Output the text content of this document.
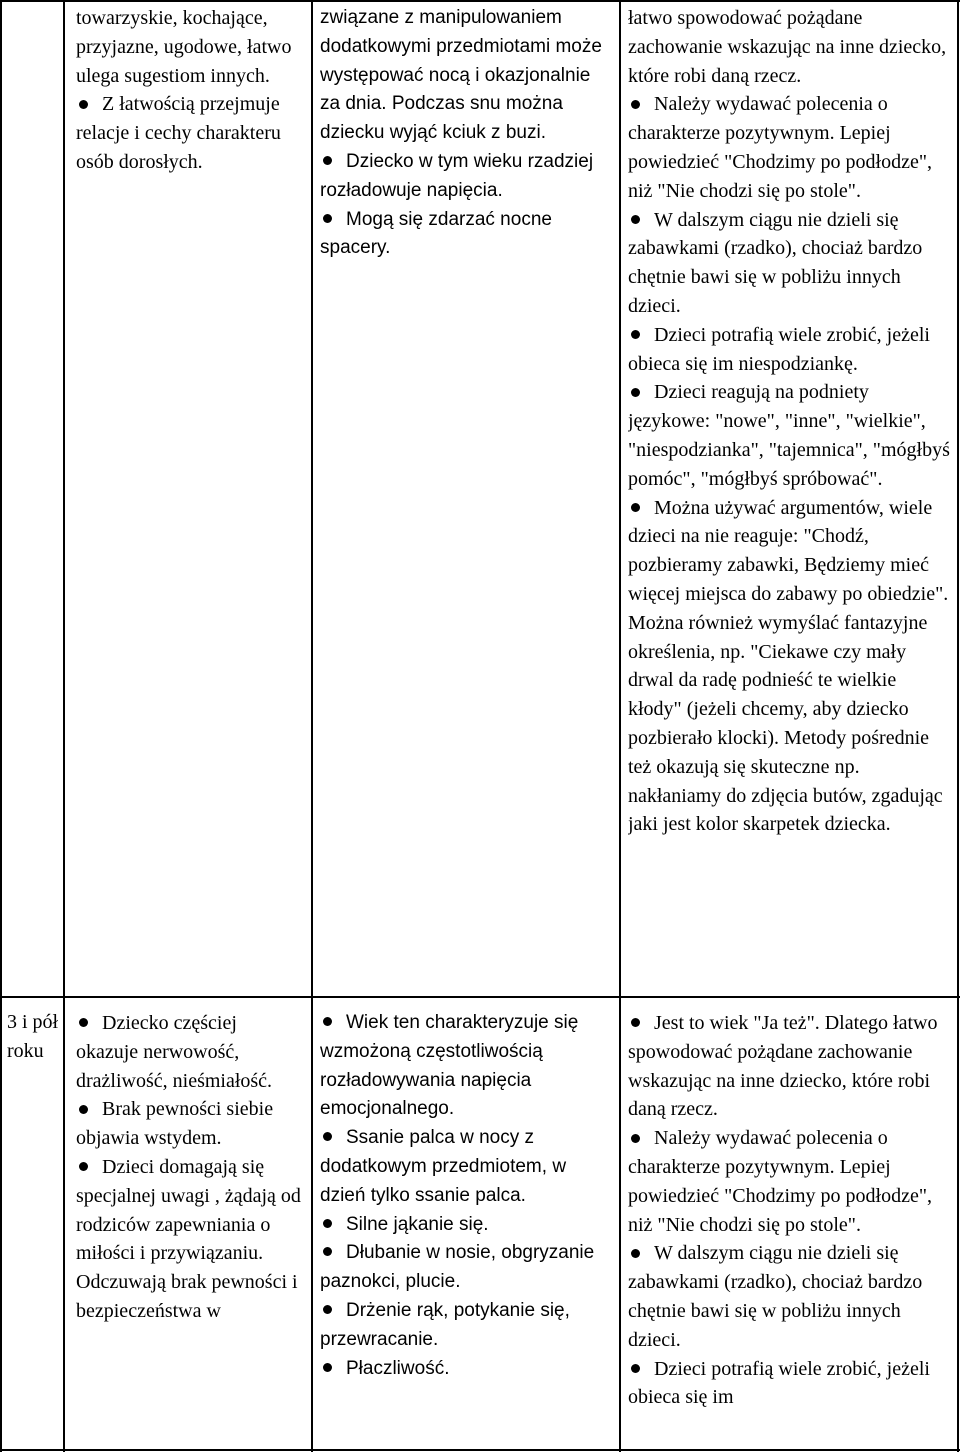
towarzyskie, kochające, przyjazne, ugodowe, łatwo ulega sugestiom innych.
Z łatwością przejmuje relacje i cechy charakteru osób dorosłych.

związane z manipulowaniem dodatkowymi przedmiotami może występować nocą i okazjonalnie za dnia. Podczas snu można dziecku wyjąć kciuk z buzi.

Dziecko w tym wieku rzadziej rozładowuje napięcia.
Mogą się zdarzać nocne spacery.

łatwo spowodować pożądane zachowanie wskazując na inne dziecko, które robi daną rzecz.

Należy wydawać polecenia o charakterze pozytywnym. Lepiej powiedzieć "Chodzimy po podłodze", niż "Nie chodzi się po stole".
W dalszym ciągu nie dzieli się zabawkami (rzadko), chociaż bardzo chętnie bawi się w pobliżu innych dzieci.
Dzieci potrafią wiele zrobić, jeżeli obieca się im niespodziankę.
Dzieci reagują na podniety językowe: "nowe", "inne", "wielkie", "niespodzianka", "tajemnica", "mógłbyś pomóc", "mógłbyś spróbować".
Można używać argumentów, wiele dzieci na nie reaguje: "Chodź, pozbieramy zabawki, Będziemy mieć więcej miejsca do zabawy po obiedzie". Można również wymyślać fantazyjne określenia, np. "Ciekawe czy mały drwal da radę podnieść te wielkie kłody" (jeżeli chcemy, aby dziecko pozbierało klocki). Metody pośrednie też okazują się skuteczne np. nakłaniamy do zdjęcia butów, zgadując jaki jest kolor skarpetek dziecka.
3 i pół roku
Dziecko częściej okazuje nerwowość, drażliwość, nieśmiałość.
Brak pewności siebie objawia wstydem.
Dzieci domagają się specjalnej uwagi , żądają od rodziców zapewniania o miłości i przywiązaniu. Odczuwają brak pewności i bezpieczeństwa w
Wiek ten charakteryzuje się wzmożoną częstotliwością rozładowywania napięcia emocjonalnego.
Ssanie palca w nocy z dodatkowym przedmiotem, w dzień tylko ssanie palca.
Silne jąkanie się.
Dłubanie w nosie, obgryzanie paznokci, plucie.
Drżenie rąk, potykanie się, przewracanie.
Płaczliwość.
Jest to wiek "Ja też". Dlatego łatwo spowodować pożądane zachowanie wskazując na inne dziecko, które robi daną rzecz.
Należy wydawać polecenia o charakterze pozytywnym. Lepiej powiedzieć "Chodzimy po podłodze", niż "Nie chodzi się po stole".
W dalszym ciągu nie dzieli się zabawkami (rzadko), chociaż bardzo chętnie bawi się w pobliżu innych dzieci.
Dzieci potrafią wiele zrobić, jeżeli obieca się im
